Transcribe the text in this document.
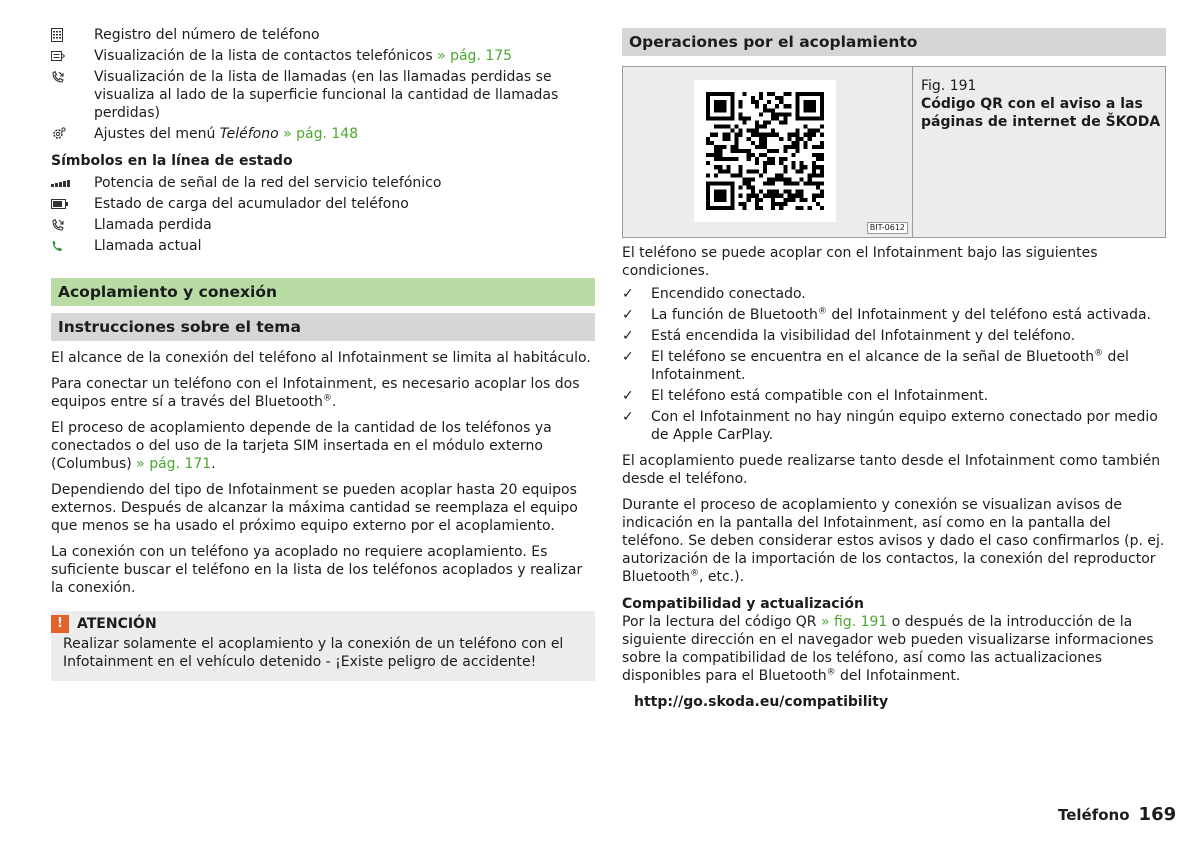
Registro del número de teléfono
Visualización de la lista de contactos telefónicos » pág. 175
Visualización de la lista de llamadas (en las llamadas perdidas se visualiza al lado de la superficie funcional la cantidad de llamadas perdidas)
Ajustes del menú Teléfono » pág. 148
Símbolos en la línea de estado
Potencia de señal de la red del servicio telefónico
Estado de carga del acumulador del teléfono
Llamada perdida
Llamada actual
Acoplamiento y conexión
Instrucciones sobre el tema

El alcance de la conexión del teléfono al Infotainment se limita al habitáculo.

Para conectar un teléfono con el Infotainment, es necesario acoplar los dos equipos entre sí a través del Bluetooth®.

El proceso de acoplamiento depende de la cantidad de los teléfonos ya conectados o del uso de la tarjeta SIM insertada en el módulo externo (Columbus) » pág. 171.

Dependiendo del tipo de Infotainment se pueden acoplar hasta 20 equipos externos. Después de alcanzar la máxima cantidad se reemplaza el equipo que menos se ha usado el próximo equipo externo por el acoplamiento.

La conexión con un teléfono ya acoplado no requiere acoplamiento. Es suficiente buscar el teléfono en la lista de los teléfonos acoplados y realizar la conexión.

!	ATENCIÓN
Realizar solamente el acoplamiento y la conexión de un teléfono con el Infotainment en el vehículo detenido - ¡Existe peligro de accidente!
Operaciones por el acoplamiento
BIT-0612
Fig. 191
Código QR con el aviso a las páginas de internet de ŠKODA

El teléfono se puede acoplar con el Infotainment bajo las siguientes condiciones.

✓	Encendido conectado.
✓	La función de Bluetooth® del Infotainment y del teléfono está activada.
✓	Está encendida la visibilidad del Infotainment y del teléfono.
✓	El teléfono se encuentra en el alcance de la señal de Bluetooth® del Infotainment.
✓	El teléfono está compatible con el Infotainment.
✓	Con el Infotainment no hay ningún equipo externo conectado por medio de Apple CarPlay.

El acoplamiento puede realizarse tanto desde el Infotainment como también desde el teléfono.

Durante el proceso de acoplamiento y conexión se visualizan avisos de indicación en la pantalla del Infotainment, así como en la pantalla del teléfono. Se deben considerar estos avisos y dado el caso confirmarlos (p. ej. autorización de la importación de los contactos, la conexión del reproductor Bluetooth®, etc.).

Compatibilidad y actualización

Por la lectura del código QR » fig. 191 o después de la introducción de la siguiente dirección en el navegador web pueden visualizarse informaciones sobre la compatibilidad de los teléfono, así como las actualizaciones disponibles para el Bluetooth® del Infotainment.

http://go.skoda.eu/compatibility
Teléfono 169
